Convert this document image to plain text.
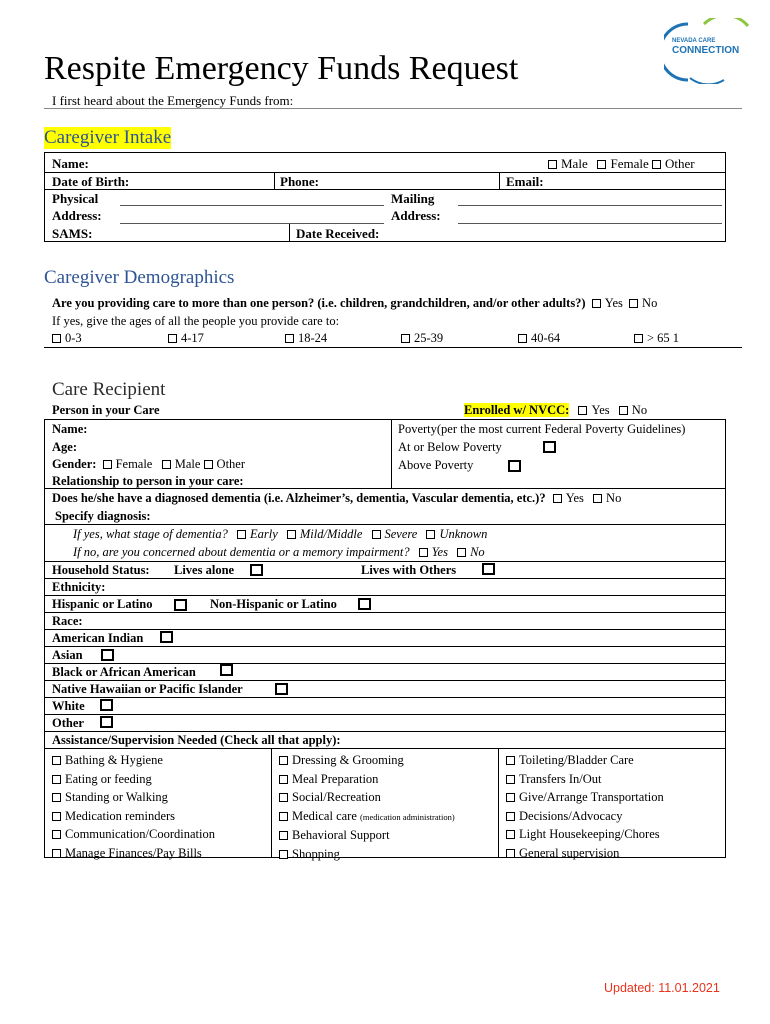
NEVADA CARE
CONNECTION
Respite Emergency Funds Request
I first heard about the Emergency Funds from:
Caregiver Intake
Name:	Male Female Other
Date of Birth:	Phone:	Email:
Physical
Address:
Mailing
Address:
SAMS:	Date Received:
Caregiver Demographics
Are you providing care to more than one person? (i.e. children, grandchildren, and/or other adults?) Yes No
If yes, give the ages of all the people you provide care to:
0-3	4-17	18-24	25-39	40-64	> 65 1
Care Recipient
Person in your Care	Enrolled w/ NVCC: Yes No
Name:
Age:
Gender: Female Male Other
Relationship to person in your care:
Poverty(per the most current Federal Poverty Guidelines)
At or Below Poverty
Above Poverty
Does he/she have a diagnosed dementia (i.e. Alzheimer’s, dementia, Vascular dementia, etc.)? Yes No
Specify diagnosis:
If yes, what stage of dementia? Early Mild/Middle Severe Unknown
If no, are you concerned about dementia or a memory impairment? Yes No
Household Status: Lives alone	Lives with Others
Ethnicity:
Hispanic or Latino	Non-Hispanic or Latino
Race:
American Indian
Asian
Black or African American
Native Hawaiian or Pacific Islander
White
Other
Assistance/Supervision Needed (Check all that apply):
Bathing & Hygiene
Eating or feeding
Standing or Walking
Medication reminders
Communication/Coordination
Manage Finances/Pay Bills
Dressing & Grooming
Meal Preparation
Social/Recreation
Medical care (medication administration)
Behavioral Support
Shopping
Toileting/Bladder Care
Transfers In/Out
Give/Arrange Transportation
Decisions/Advocacy
Light Housekeeping/Chores
General supervision
Updated: 11.01.2021
